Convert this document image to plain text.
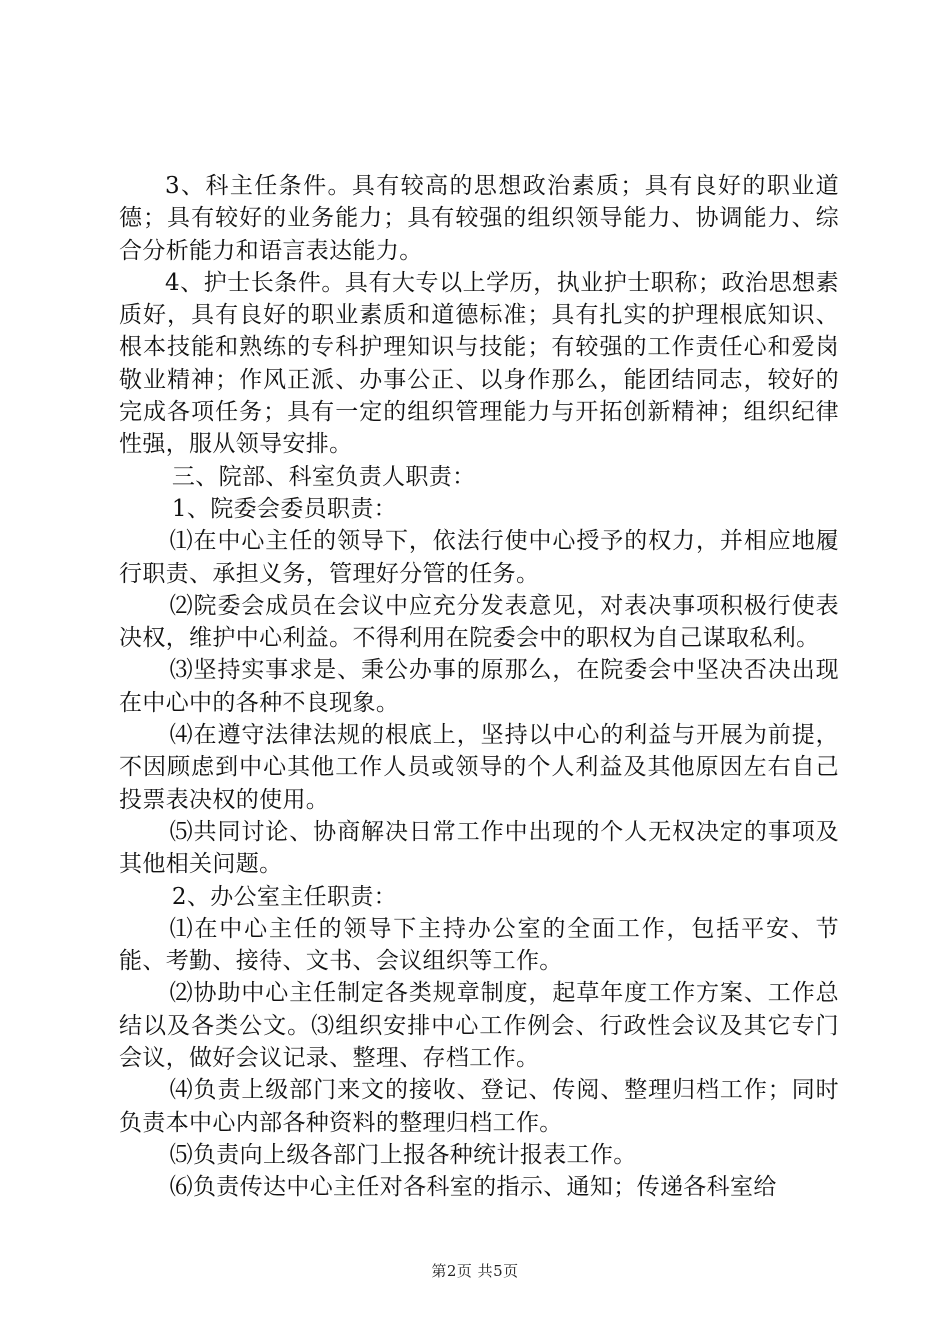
3、科主任条件。具有较高的思想政治素质；具有良好的职业道德；具有较好的业务能力；具有较强的组织领导能力、协调能力、综合分析能力和语言表达能力。

4、护士长条件。具有大专以上学历，执业护士职称；政治思想素质好，具有良好的职业素质和道德标准；具有扎实的护理根底知识、根本技能和熟练的专科护理知识与技能；有较强的工作责任心和爱岗敬业精神；作风正派、办事公正、以身作那么，能团结同志，较好的完成各项任务；具有一定的组织管理能力与开拓创新精神；组织纪律性强，服从领导安排。

三、院部、科室负责人职责：

1、院委会委员职责：

⑴在中心主任的领导下，依法行使中心授予的权力，并相应地履行职责、承担义务，管理好分管的任务。

⑵院委会成员在会议中应充分发表意见，对表决事项积极行使表决权，维护中心利益。不得利用在院委会中的职权为自己谋取私利。

⑶坚持实事求是、秉公办事的原那么，在院委会中坚决否决出现在中心中的各种不良现象。

⑷在遵守法律法规的根底上，坚持以中心的利益与开展为前提，不因顾虑到中心其他工作人员或领导的个人利益及其他原因左右自己投票表决权的使用。

⑸共同讨论、协商解决日常工作中出现的个人无权决定的事项及其他相关问题。

2、办公室主任职责：

⑴在中心主任的领导下主持办公室的全面工作，包括平安、节能、考勤、接待、文书、会议组织等工作。

⑵协助中心主任制定各类规章制度，起草年度工作方案、工作总结以及各类公文。⑶组织安排中心工作例会、行政性会议及其它专门会议，做好会议记录、整理、存档工作。

⑷负责上级部门来文的接收、登记、传阅、整理归档工作；同时负责本中心内部各种资料的整理归档工作。

⑸负责向上级各部门上报各种统计报表工作。

⑹负责传达中心主任对各科室的指示、通知；传递各科室给

第2页 共5页
